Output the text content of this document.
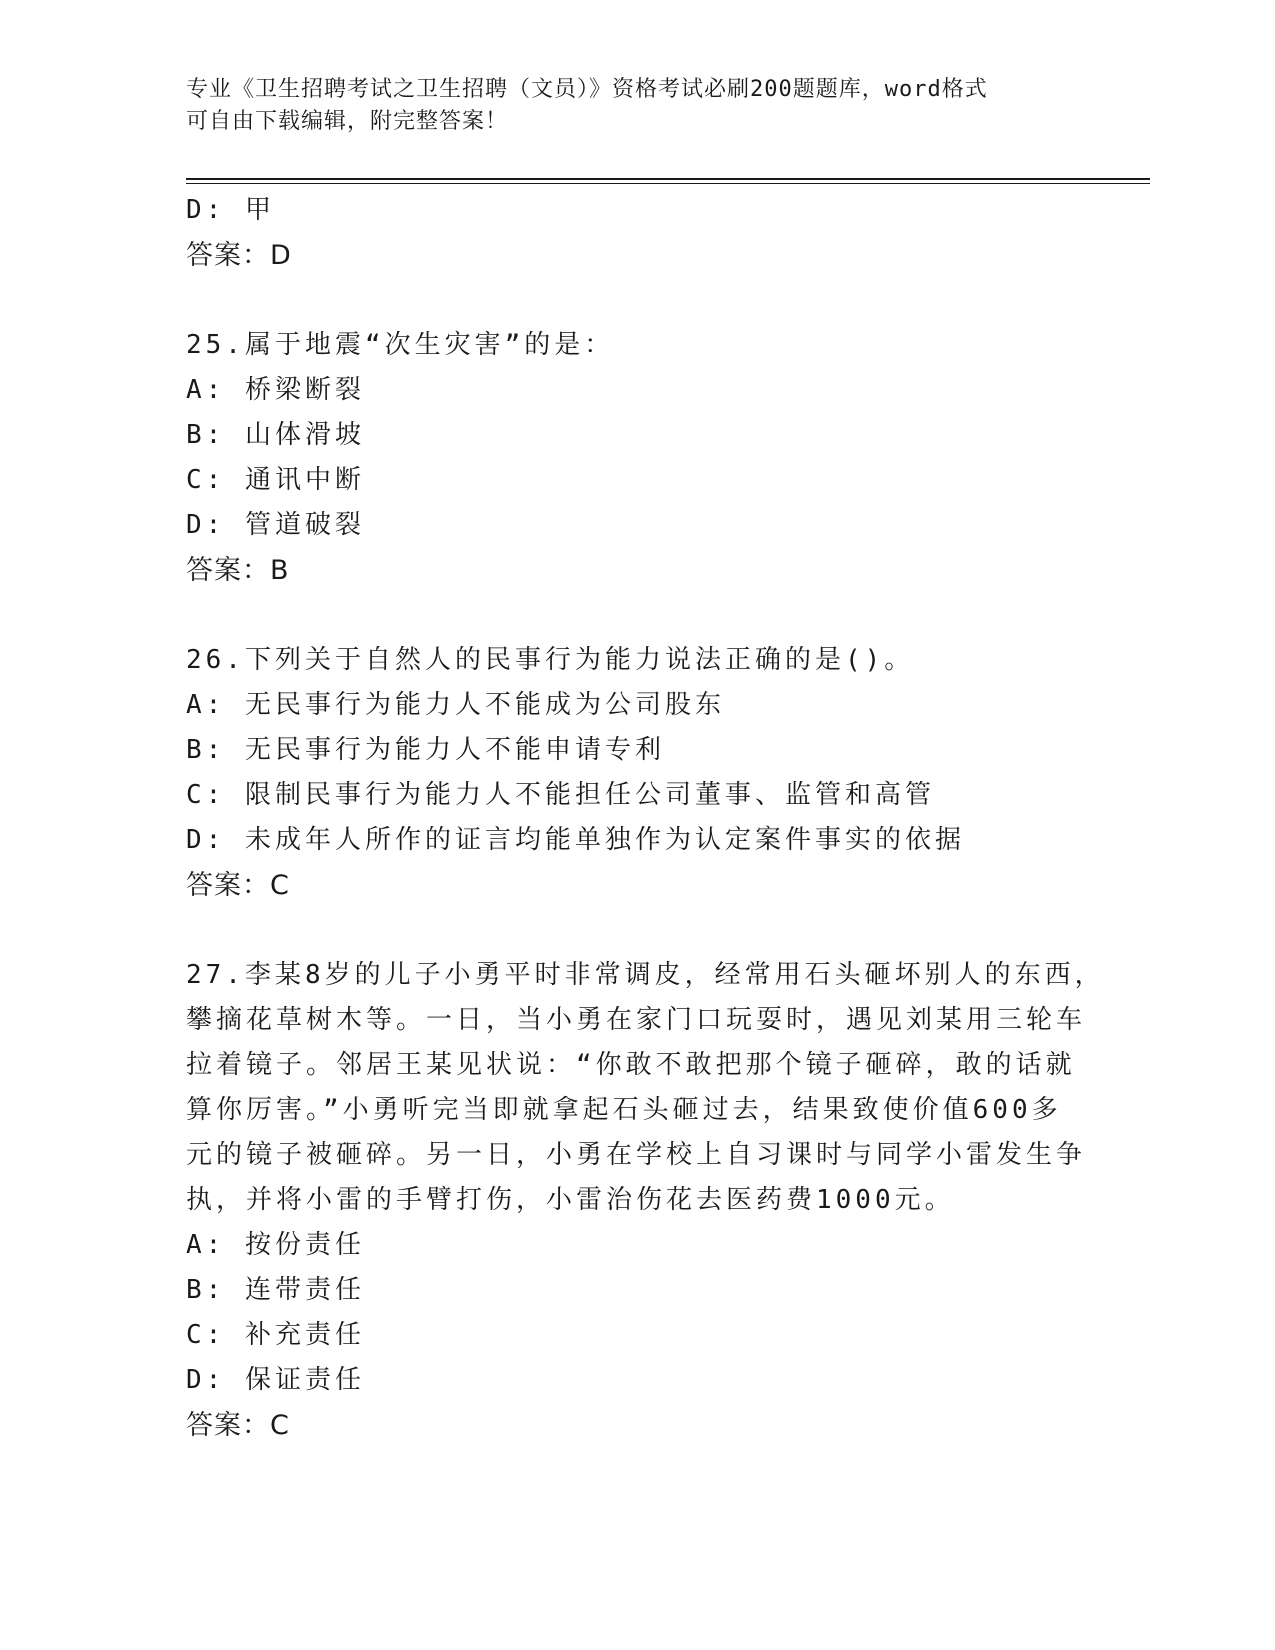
专业《卫生招聘考试之卫生招聘（文员）》资格考试必刷200题题库，word格式
可自由下载编辑，附完整答案！
D: 甲
答案：D
25.属于地震“次生灾害”的是：
A: 桥梁断裂
B: 山体滑坡
C: 通讯中断
D: 管道破裂
答案：B
26.下列关于自然人的民事行为能力说法正确的是()。
A: 无民事行为能力人不能成为公司股东
B: 无民事行为能力人不能申请专利
C: 限制民事行为能力人不能担任公司董事、监管和高管
D: 未成年人所作的证言均能单独作为认定案件事实的依据
答案：C
27.李某8岁的儿子小勇平时非常调皮，经常用石头砸坏别人的东西，
攀摘花草树木等。一日，当小勇在家门口玩耍时，遇见刘某用三轮车
拉着镜子。邻居王某见状说：“你敢不敢把那个镜子砸碎，敢的话就
算你厉害。”小勇听完当即就拿起石头砸过去，结果致使价值600多
元的镜子被砸碎。另一日，小勇在学校上自习课时与同学小雷发生争
执，并将小雷的手臂打伤，小雷治伤花去医药费1000元。
A: 按份责任
B: 连带责任
C: 补充责任
D: 保证责任
答案：C
